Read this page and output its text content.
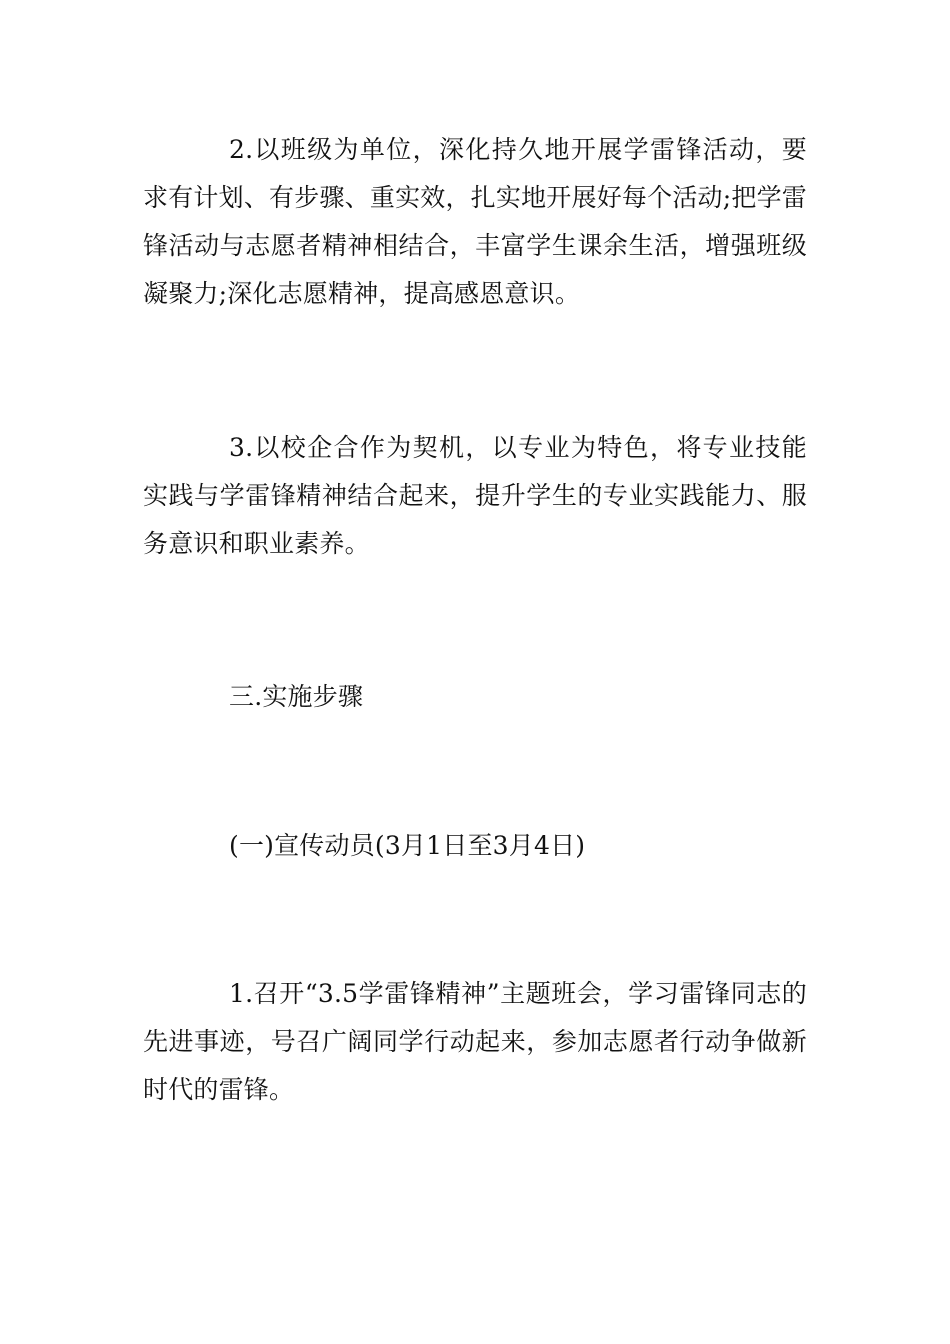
2.以班级为单位，深化持久地开展学雷锋活动，要求有计划、有步骤、重实效，扎实地开展好每个活动;把学雷锋活动与志愿者精神相结合，丰富学生课余生活，增强班级凝聚力;深化志愿精神，提高感恩意识。

3.以校企合作为契机，以专业为特色，将专业技能实践与学雷锋精神结合起来，提升学生的专业实践能力、服务意识和职业素养。

三.实施步骤

(一)宣传动员(3月1日至3月4日)

1.召开“3.5学雷锋精神”主题班会，学习雷锋同志的先进事迹，号召广阔同学行动起来，参加志愿者行动争做新时代的雷锋。
